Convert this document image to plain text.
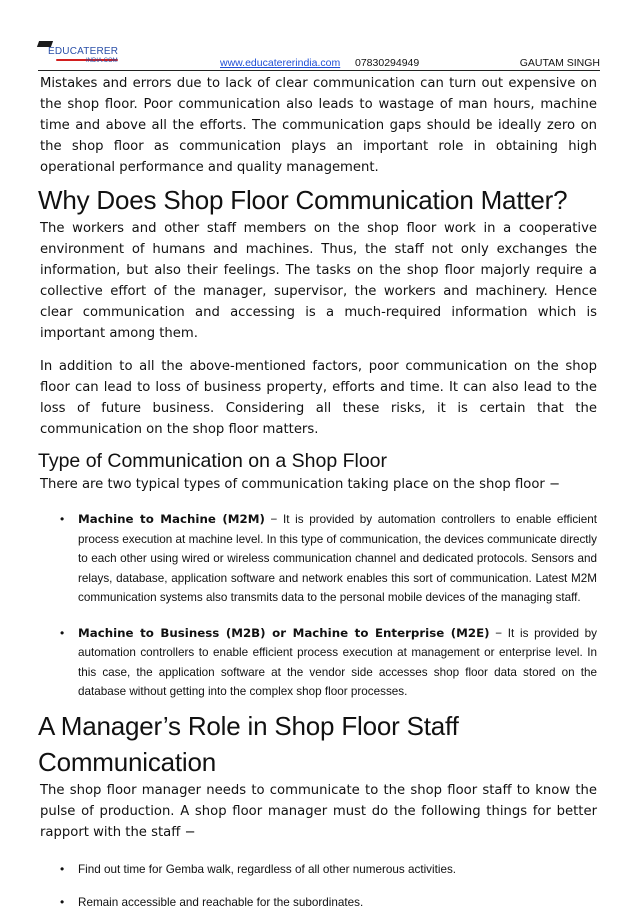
EDUCATERER
INDIA.COM	www.educatererindia.com 07830294949	GAUTAM SINGH

Mistakes and errors due to lack of clear communication can turn out expensive on the shop floor. Poor communication also leads to wastage of man hours, machine time and above all the efforts. The communication gaps should be ideally zero on the shop floor as communication plays an important role in obtaining high operational performance and quality management.

Why Does Shop Floor Communication Matter?

The workers and other staff members on the shop floor work in a cooperative environment of humans and machines. Thus, the staff not only exchanges the information, but also their feelings. The tasks on the shop floor majorly require a collective effort of the manager, supervisor, the workers and machinery. Hence clear communication and accessing is a much-required information which is important among them.

In addition to all the above-mentioned factors, poor communication on the shop floor can lead to loss of business property, efforts and time. It can also lead to the loss of future business. Considering all these risks, it is certain that the communication on the shop floor matters.

Type of Communication on a Shop Floor

There are two typical types of communication taking place on the shop floor −

• Machine to Machine (M2M) − It is provided by automation controllers to enable efficient process execution at machine level. In this type of communication, the devices communicate directly to each other using wired or wireless communication channel and dedicated protocols. Sensors and relays, database, application software and network enables this sort of communication. Latest M2M communication systems also transmits data to the personal mobile devices of the managing staff.
• Machine to Business (M2B) or Machine to Enterprise (M2E) − It is provided by automation controllers to enable efficient process execution at management or enterprise level. In this case, the application software at the vendor side accesses shop floor data stored on the database without getting into the complex shop floor processes.
A Manager’s Role in Shop Floor Staff Communication

The shop floor manager needs to communicate to the shop floor staff to know the pulse of production. A shop floor manager must do the following things for better rapport with the staff −

• Find out time for Gemba walk, regardless of all other numerous activities.
• Remain accessible and reachable for the subordinates.
